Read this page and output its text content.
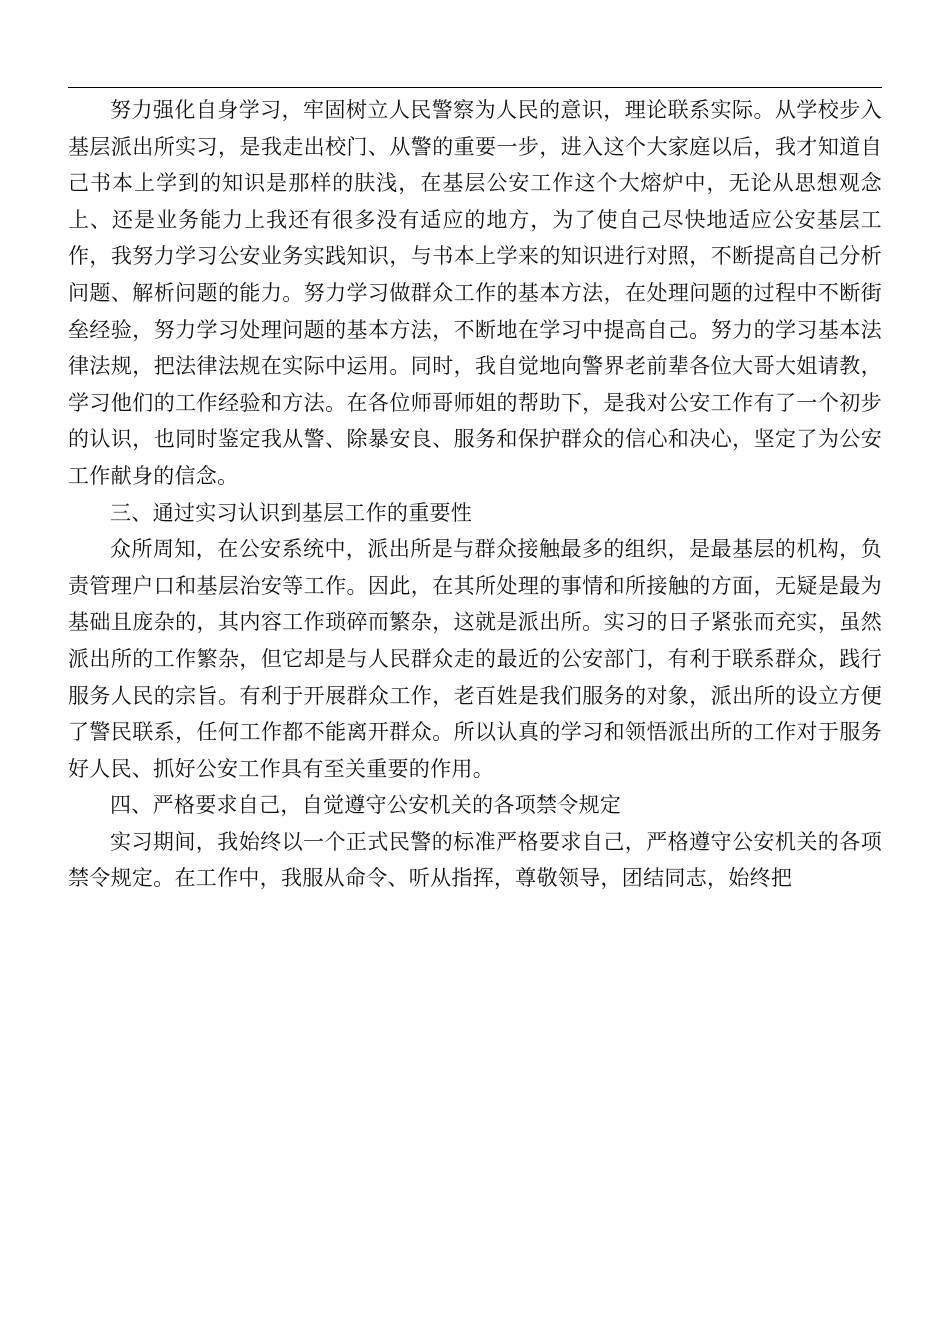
努力强化自身学习，牢固树立人民警察为人民的意识，理论联系实际。从学校步入基层派出所实习，是我走出校门、从警的重要一步，进入这个大家庭以后，我才知道自己书本上学到的知识是那样的肤浅，在基层公安工作这个大熔炉中，无论从思想观念上、还是业务能力上我还有很多没有适应的地方，为了使自己尽快地适应公安基层工作，我努力学习公安业务实践知识，与书本上学来的知识进行对照，不断提高自己分析问题、解析问题的能力。努力学习做群众工作的基本方法，在处理问题的过程中不断街垒经验，努力学习处理问题的基本方法，不断地在学习中提高自己。努力的学习基本法律法规，把法律法规在实际中运用。同时，我自觉地向警界老前辈各位大哥大姐请教，学习他们的工作经验和方法。在各位师哥师姐的帮助下，是我对公安工作有了一个初步的认识，也同时鉴定我从警、除暴安良、服务和保护群众的信心和决心，坚定了为公安工作献身的信念。

三、通过实习认识到基层工作的重要性

众所周知，在公安系统中，派出所是与群众接触最多的组织，是最基层的机构，负责管理户口和基层治安等工作。因此，在其所处理的事情和所接触的方面，无疑是最为基础且庞杂的，其内容工作琐碎而繁杂，这就是派出所。实习的日子紧张而充实，虽然派出所的工作繁杂，但它却是与人民群众走的最近的公安部门，有利于联系群众，践行服务人民的宗旨。有利于开展群众工作，老百姓是我们服务的对象，派出所的设立方便了警民联系，任何工作都不能离开群众。所以认真的学习和领悟派出所的工作对于服务好人民、抓好公安工作具有至关重要的作用。

四、严格要求自己，自觉遵守公安机关的各项禁令规定

实习期间，我始终以一个正式民警的标准严格要求自己，严格遵守公安机关的各项禁令规定。在工作中，我服从命令、听从指挥，尊敬领导，团结同志，始终把
